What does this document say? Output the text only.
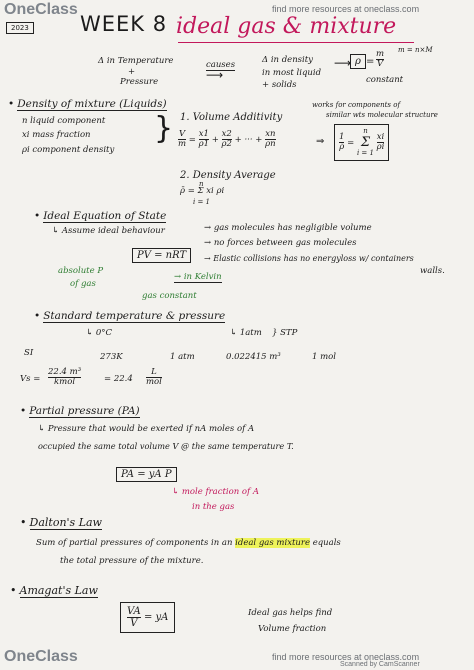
OneClass	find more resources at oneclass.com
2023 WEEK 8 ideal gas & mixture
Δ in Temperature
+
Pressure
causes
⟶
Δ in density
in most liquid
+ solids
⟶ $\rho = \frac{m}{V}$ m = n×M
constant
• Density of mixture (Liquids)
n liquid component
xi mass fraction
ρi component density
} 1. Volume Additivity
works for components of
similar wts molecular structure
$\frac{V}{m} = \frac{x1}{\rho 1} + \frac{x2}{\rho 2}$ + ··· + $\frac{xn}{\rho n}$	⇒ $\frac{1}{\rhō}$ =
n
Σ
i = 1

$\frac{xi}{\rho i}$
2. Density Average
ρ̄ = Σ xi ρi
n
i = 1
• Ideal Equation of State
↳ Assume ideal behaviour	→ gas molecules has negligible volume
→ no forces between gas molecules
→ Elastic collisions has no energyloss w/ containers
walls.
PV = nRT
absolute P
of gas
→ in Kelvin
gas constant
• Standard temperature & pressure
↳ 0°C	↳ 1atm } STP
SI	273K	1 atm	0.022415 m³	1 mol
Vs =
22.4 m³
kmol	= 22.4
L
mol
• Partial pressure (PA)
↳ Pressure that would be exerted if nA moles of A
occupied the same total volume V @ the same temperature T.
PA = yA P
↳ mole fraction of A
in the gas
• Dalton's Law
Sum of partial pressures of components in an ideal gas mixture equals
the total pressure of the mixture.
• Amagat's Law
$\frac{VA}{V}$ = yA	Ideal gas helps find
Volume fraction
OneClass	find more resources at oneclass.com
Scanned by CamScanner
